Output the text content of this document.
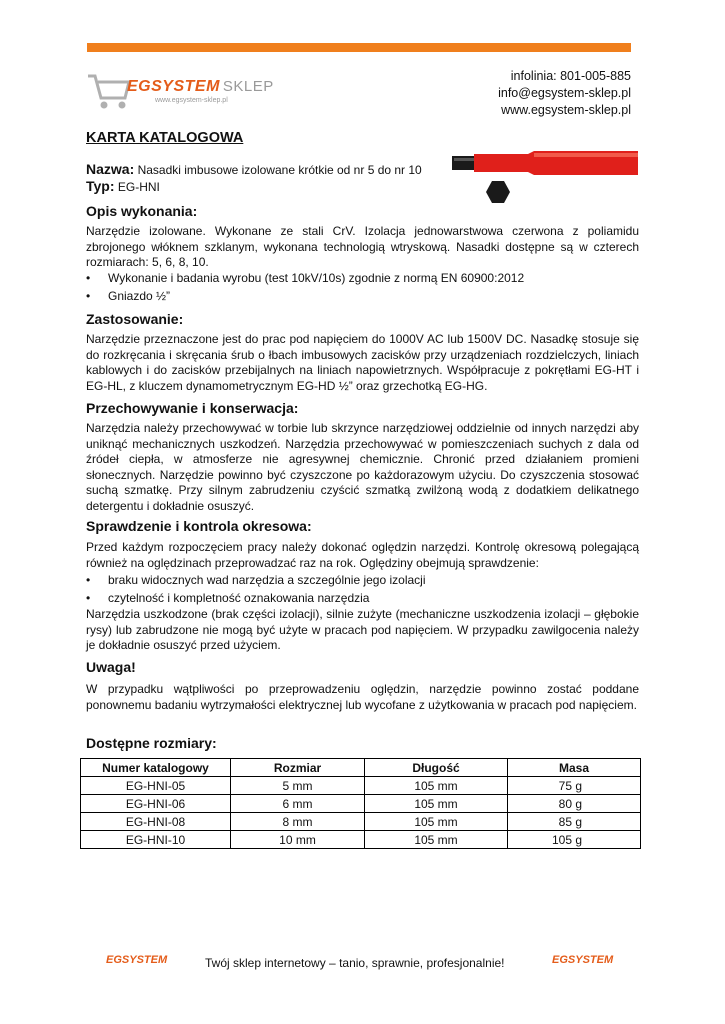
EGSYSTEM SKLEP
www.egsystem-sklep.pl
infolinia: 801-005-885
info@egsystem-sklep.pl
www.egsystem-sklep.pl
KARTA KATALOGOWA
Nazwa: Nasadki imbusowe izolowane krótkie od nr 5 do nr 10
Typ: EG-HNI
Opis wykonania:
Narzędzie izolowane. Wykonane ze stali CrV. Izolacja jednowarstwowa czerwona z poliamidu zbrojonego włóknem szklanym, wykonana technologią wtryskową. Nasadki dostępne są w czterech rozmiarach: 5, 6, 8, 10.
• Wykonanie i badania wyrobu (test 10kV/10s) zgodnie z normą EN 60900:2012
• Gniazdo ½”
Zastosowanie:
Narzędzie przeznaczone jest do prac pod napięciem do 1000V AC lub 1500V DC. Nasadkę stosuje się do rozkręcania i skręcania śrub o łbach imbusowych zacisków przy urządzeniach rozdzielczych, liniach kablowych i do zacisków przebijalnych na liniach napowietrznych. Współpracuje z pokrętłami EG-HT i EG-HL, z kluczem dynamometrycznym EG-HD ½” oraz grzechotką EG-HG.
Przechowywanie i konserwacja:
Narzędzia należy przechowywać w torbie lub skrzynce narzędziowej oddzielnie od innych narzędzi aby uniknąć mechanicznych uszkodzeń. Narzędzia przechowywać w pomieszczeniach suchych z dala od źródeł ciepła, w atmosferze nie agresywnej chemicznie. Chronić przed działaniem promieni słonecznych. Narzędzie powinno być czyszczone po każdorazowym użyciu. Do czyszczenia stosować suchą szmatkę. Przy silnym zabrudzeniu czyścić szmatką zwilżoną wodą z dodatkiem delikatnego detergentu i dokładnie osuszyć.
Sprawdzenie i kontrola okresowa:
Przed każdym rozpoczęciem pracy należy dokonać oględzin narzędzi. Kontrolę okresową polegającą również na oględzinach przeprowadzać raz na rok. Oględziny obejmują sprawdzenie:
• braku widocznych wad narzędzia a szczególnie jego izolacji
• czytelność i kompletność oznakowania narzędzia
Narzędzia uszkodzone (brak części izolacji), silnie zużyte (mechaniczne uszkodzenia izolacji – głębokie rysy) lub zabrudzone nie mogą być użyte w pracach pod napięciem. W przypadku zawilgocenia należy je dokładnie osuszyć przed użyciem.
Uwaga!
W przypadku wątpliwości po przeprowadzeniu oględzin, narzędzie powinno zostać poddane ponownemu badaniu wytrzymałości elektrycznej lub wycofane z użytkowania w pracach pod napięciem.
Dostępne rozmiary:
Numer katalogowy	Rozmiar	Długość	Masa
EG-HNI-05	5 mm	105 mm	75 g
EG-HNI-06	6 mm	105 mm	80 g
EG-HNI-08	8 mm	105 mm	85 g
EG-HNI-10	10 mm	105 mm	105 g
EGSYSTEM	Twój sklep internetowy – tanio, sprawnie, profesjonalnie!	EGSYSTEM
